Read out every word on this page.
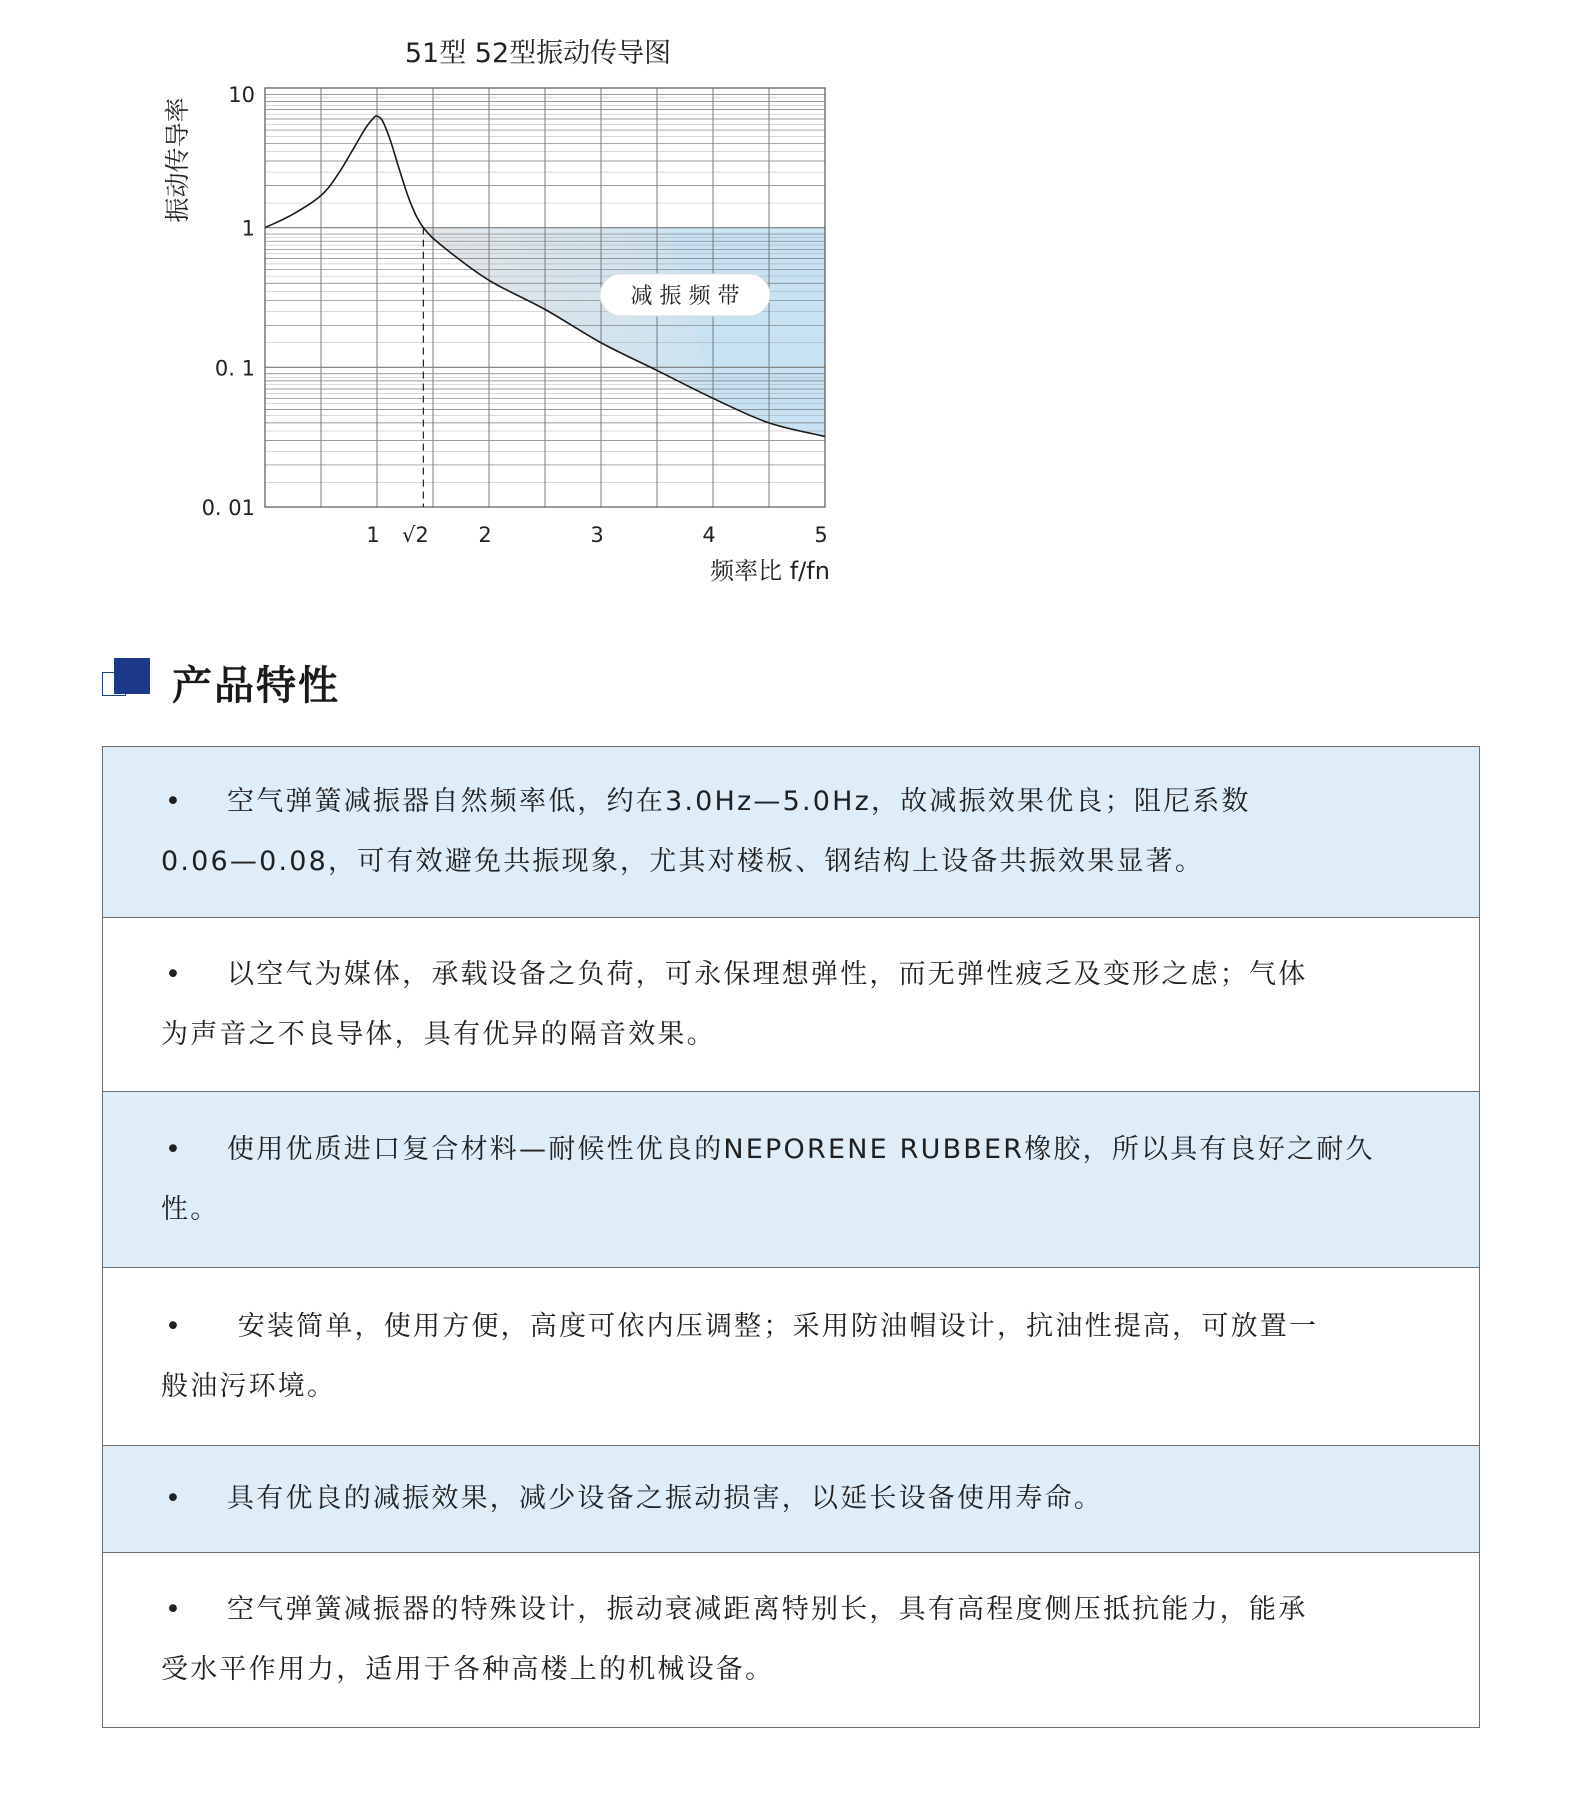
减 振 频 带
51型 52型振动传导图
振动传导率
频率比 f/fn
10
1
0. 1
0. 01
1 √2 2	3	4	5
产品特性
• 空气弹簧减振器自然频率低，约在3.0Hz—5.0Hz，故减振效果优良；阻尼系数
0.06—0.08，可有效避免共振现象，尤其对楼板、钢结构上设备共振效果显著。
• 以空气为媒体，承载设备之负荷，可永保理想弹性，而无弹性疲乏及变形之虑；气体
为声音之不良导体，具有优异的隔音效果。
• 使用优质进口复合材料—耐候性优良的NEPORENE RUBBER橡胶，所以具有良好之耐久
性。
• 安装简单，使用方便，高度可依内压调整；采用防油帽设计，抗油性提高，可放置一
般油污环境。
• 具有优良的减振效果，减少设备之振动损害，以延长设备使用寿命。
• 空气弹簧减振器的特殊设计，振动衰减距离特别长，具有高程度侧压抵抗能力，能承
受水平作用力，适用于各种高楼上的机械设备。
